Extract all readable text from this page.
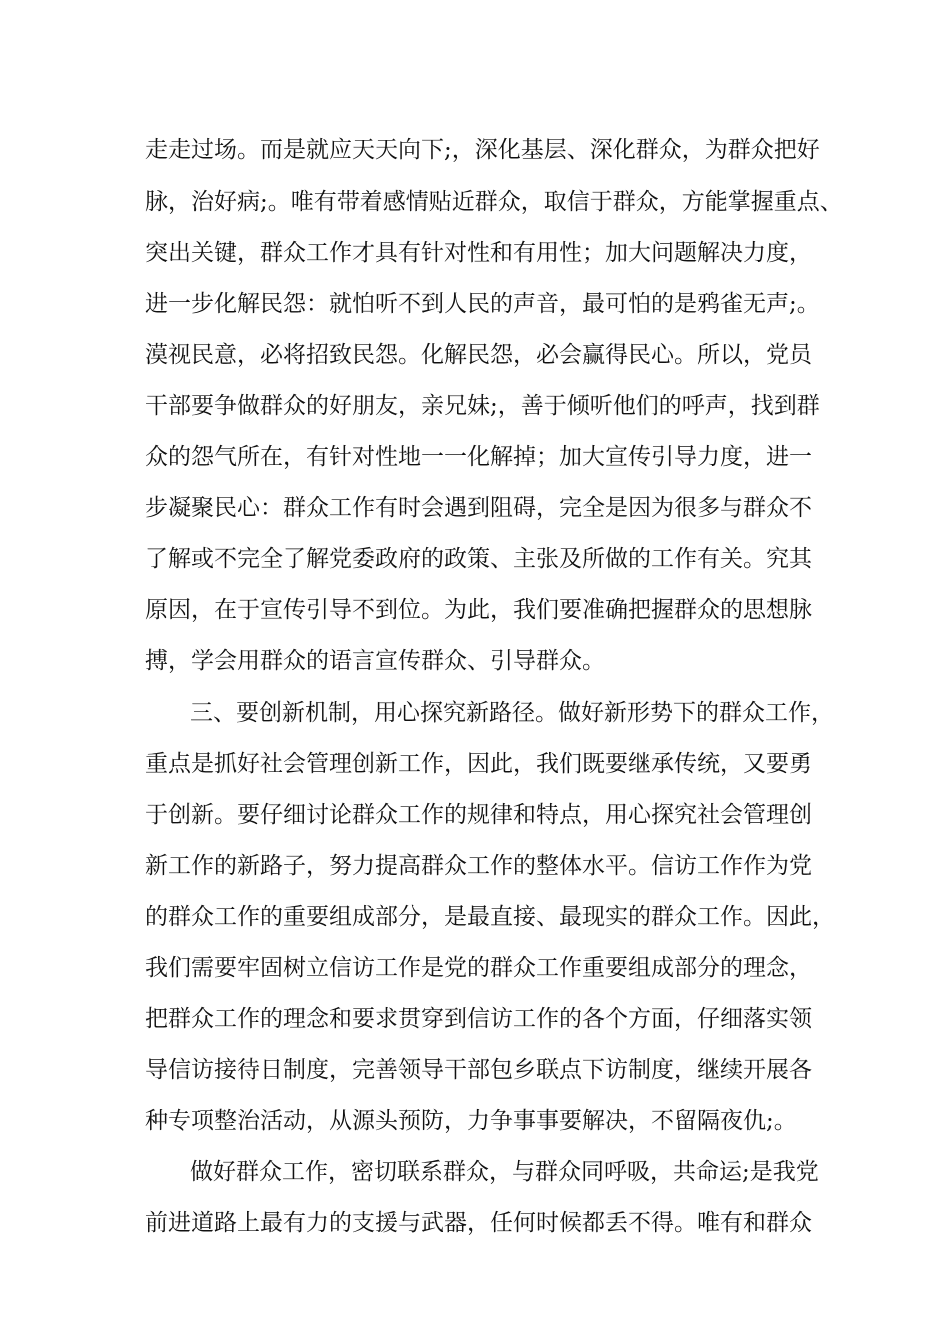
走走过场。而是就应天天向下;，深化基层、深化群众，为群众把好
脉，治好病;。唯有带着感情贴近群众，取信于群众，方能掌握重点、
突出关键，群众工作才具有针对性和有用性；加大问题解决力度，
进一步化解民怨：就怕听不到人民的声音，最可怕的是鸦雀无声;。
漠视民意，必将招致民怨。化解民怨，必会赢得民心。所以，党员
干部要争做群众的好朋友，亲兄妹;，善于倾听他们的呼声，找到群
众的怨气所在，有针对性地一一化解掉；加大宣传引导力度，进一
步凝聚民心：群众工作有时会遇到阻碍，完全是因为很多与群众不
了解或不完全了解党委政府的政策、主张及所做的工作有关。究其
原因，在于宣传引导不到位。为此，我们要准确把握群众的思想脉
搏，学会用群众的语言宣传群众、引导群众。
三、要创新机制，用心探究新路径。做好新形势下的群众工作，
重点是抓好社会管理创新工作，因此，我们既要继承传统，又要勇
于创新。要仔细讨论群众工作的规律和特点，用心探究社会管理创
新工作的新路子，努力提高群众工作的整体水平。信访工作作为党
的群众工作的重要组成部分，是最直接、最现实的群众工作。因此，
我们需要牢固树立信访工作是党的群众工作重要组成部分的理念，
把群众工作的理念和要求贯穿到信访工作的各个方面，仔细落实领
导信访接待日制度，完善领导干部包乡联点下访制度，继续开展各
种专项整治活动，从源头预防，力争事事要解决，不留隔夜仇;。
做好群众工作，密切联系群众，与群众同呼吸，共命运;是我党
前进道路上最有力的支援与武器，任何时候都丢不得。唯有和群众
